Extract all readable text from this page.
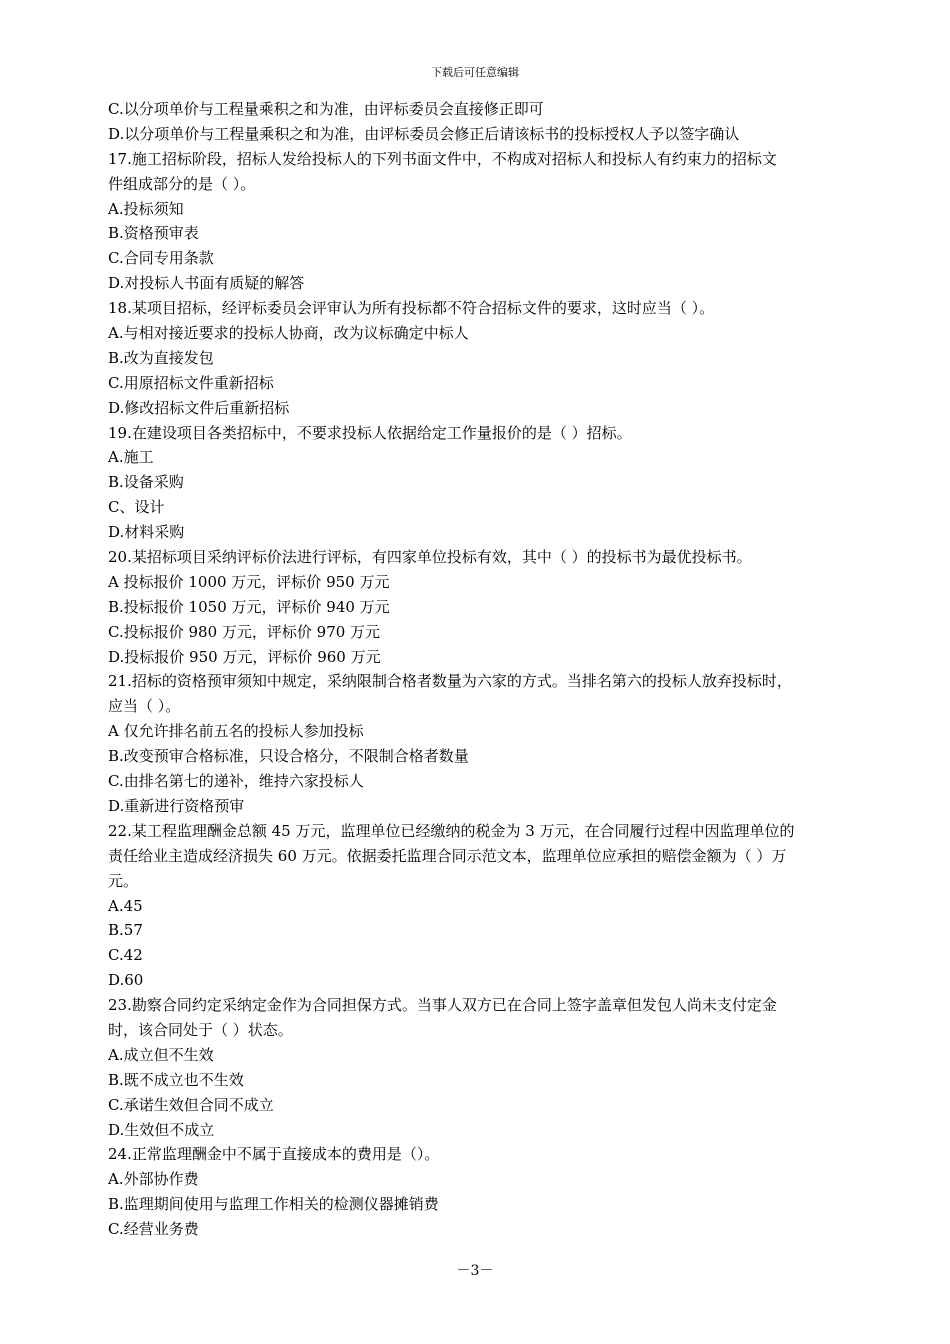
下载后可任意编辑
C.以分项单价与工程量乘积之和为准，由评标委员会直接修正即可
D.以分项单价与工程量乘积之和为准，由评标委员会修正后请该标书的投标授权人予以签字确认
17.施工招标阶段，招标人发给投标人的下列书面文件中，不构成对招标人和投标人有约束力的招标文
件组成部分的是（ ）。
A.投标须知
B.资格预审表
C.合同专用条款
D.对投标人书面有质疑的解答
18.某项目招标，经评标委员会评审认为所有投标都不符合招标文件的要求，这时应当（ ）。
A.与相对接近要求的投标人协商，改为议标确定中标人
B.改为直接发包
C.用原招标文件重新招标
D.修改招标文件后重新招标
19.在建设项目各类招标中，不要求投标人依据给定工作量报价的是（ ）招标。
A.施工
B.设备采购
C、设计
D.材料采购
20.某招标项目采纳评标价法进行评标，有四家单位投标有效，其中（ ）的投标书为最优投标书。
A 投标报价 1000 万元，评标价 950 万元
B.投标报价 1050 万元，评标价 940 万元
C.投标报价 980 万元，评标价 970 万元
D.投标报价 950 万元，评标价 960 万元
21.招标的资格预审须知中规定，采纳限制合格者数量为六家的方式。当排名第六的投标人放弃投标时，
应当（ ）。
A 仅允许排名前五名的投标人参加投标
B.改变预审合格标准，只设合格分，不限制合格者数量
C.由排名第七的递补，维持六家投标人
D.重新进行资格预审
22.某工程监理酬金总额 45 万元，监理单位已经缴纳的税金为 3 万元，在合同履行过程中因监理单位的
责任给业主造成经济损失 60 万元。依据委托监理合同示范文本，监理单位应承担的赔偿金额为（ ）万
元。
A.45
B.57
C.42
D.60
23.勘察合同约定采纳定金作为合同担保方式。当事人双方已在合同上签字盖章但发包人尚未支付定金
时，该合同处于（ ）状态。
A.成立但不生效
B.既不成立也不生效
C.承诺生效但合同不成立
D.生效但不成立
24.正常监理酬金中不属于直接成本的费用是（）。
A.外部协作费
B.监理期间使用与监理工作相关的检测仪器摊销费
C.经营业务费
－3－
